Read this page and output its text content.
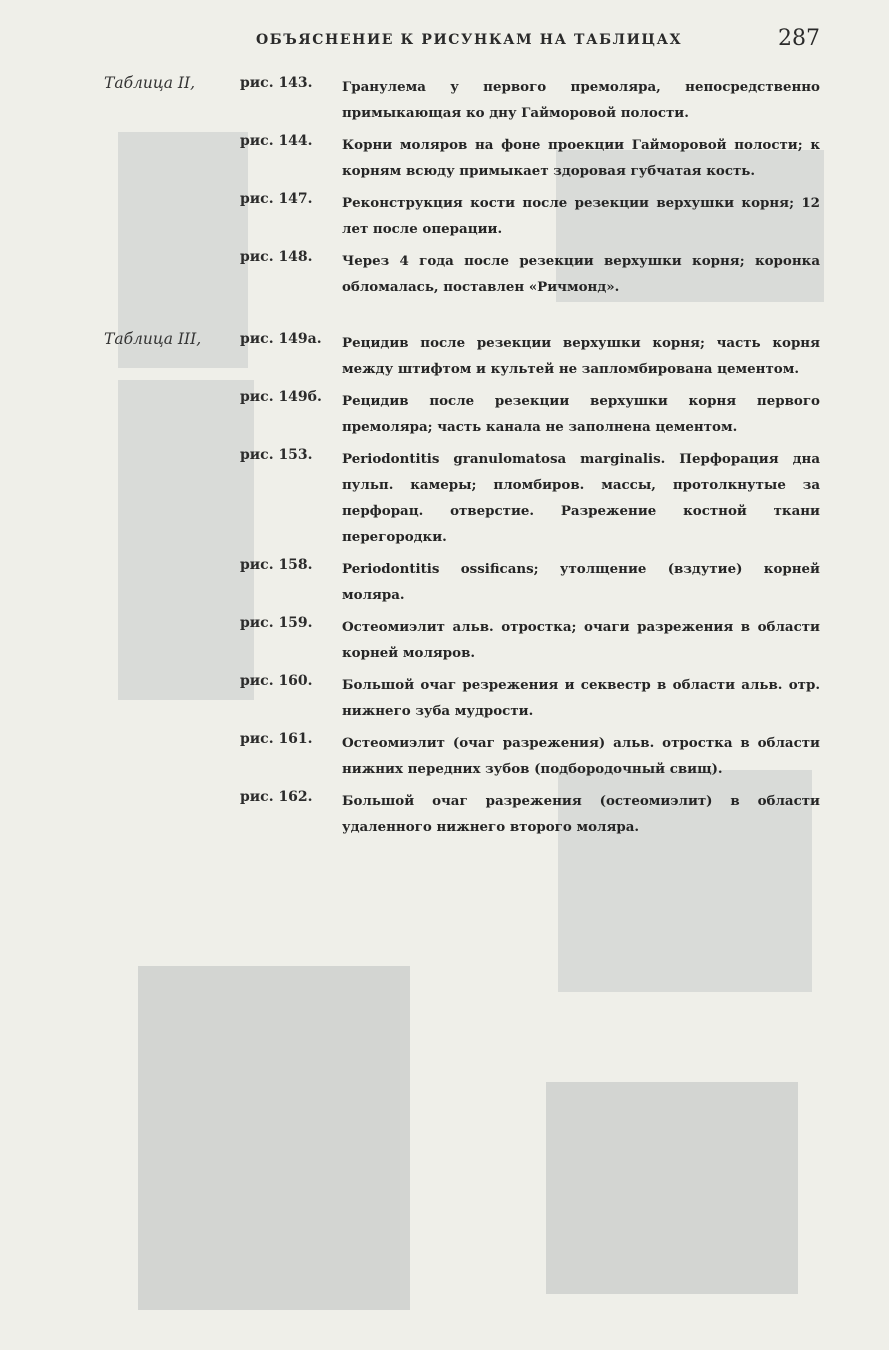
ОБЪЯСНЕНИЕ К РИСУНКАМ НА ТАБЛИЦАХ	287
Таблица II,	рис. 143. Гранулема у первого премоляра, непосредственно примыкающая ко дну Гайморовой полости.
рис. 144. Корни моляров на фоне проекции Гайморовой полости; к корням всюду примыкает здоровая губчатая кость.
рис. 147. Реконструкция кости после резекции верхушки корня; 12 лет после операции.
рис. 148. Через 4 года после резекции верхушки корня; коронка обломалась, поставлен «Ричмонд».
Таблица III,	рис. 149а. Рецидив после резекции верхушки корня; часть корня между штифтом и культей не запломбирована цементом.
рис. 149б. Рецидив после резекции верхушки корня первого премоляра; часть канала не заполнена цементом.
рис. 153. Periodontitis granulomatosa marginalis. Перфорация дна пульп. камеры; пломбиров. массы, протолкнутые за перфорац. отверстие. Разрежение костной ткани перегородки.
рис. 158. Periodontitis ossificans; утолщение (вздутие) корней моляра.
рис. 159. Остеомиэлит альв. отростка; очаги разрежения в области корней моляров.
рис. 160. Большой очаг резрежения и секвестр в области альв. отр. нижнего зуба мудрости.
рис. 161. Остеомиэлит (очаг разрежения) альв. отростка в области нижних передних зубов (подбородочный свищ).
рис. 162. Большой очаг разрежения (остеомиэлит) в области удаленного нижнего второго моляра.
